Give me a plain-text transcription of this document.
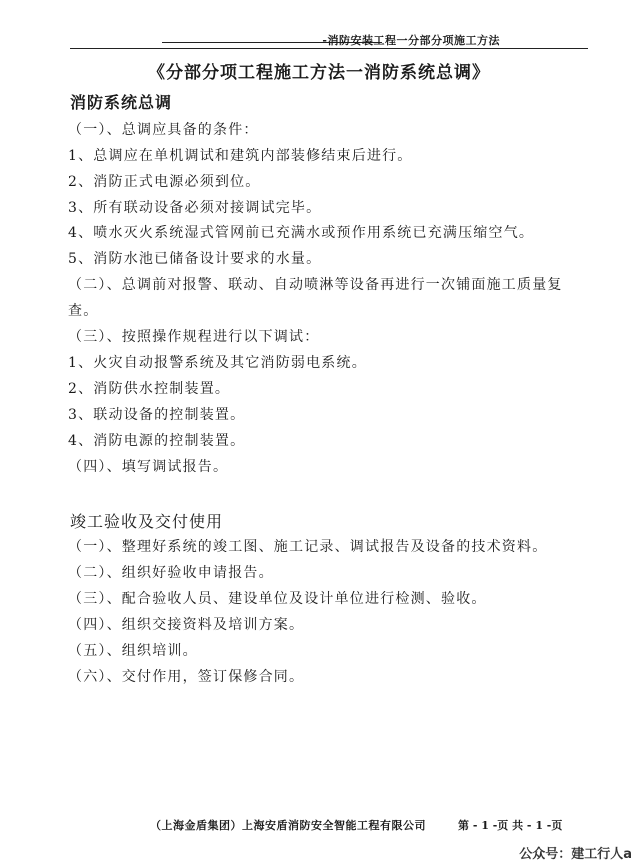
-消防安装工程一分部分项施工方法
《分部分项工程施工方法一消防系统总调》
消防系统总调
（一）、总调应具备的条件：
1、总调应在单机调试和建筑内部装修结束后进行。
2、消防正式电源必须到位。
3、所有联动设备必须对接调试完毕。
4、喷水灭火系统湿式管网前已充满水或预作用系统已充满压缩空气。
5、消防水池已储备设计要求的水量。
（二）、总调前对报警、联动、自动喷淋等设备再进行一次铺面施工质量复
查。
（三）、按照操作规程进行以下调试：
1、火灾自动报警系统及其它消防弱电系统。
2、消防供水控制装置。
3、联动设备的控制装置。
4、消防电源的控制装置。
（四）、填写调试报告。
竣工验收及交付使用
（一）、整理好系统的竣工图、施工记录、调试报告及设备的技术资料。
（二）、组织好验收申请报告。
（三）、配合验收人员、建设单位及设计单位进行检测、验收。
（四）、组织交接资料及培训方案。
（五）、组织培训。
（六）、交付作用，签订保修合同。
（上海金盾集团）上海安盾消防安全智能工程有限公司	第 - 1 -页 共 - 1 -页
公众号：建工行人a
